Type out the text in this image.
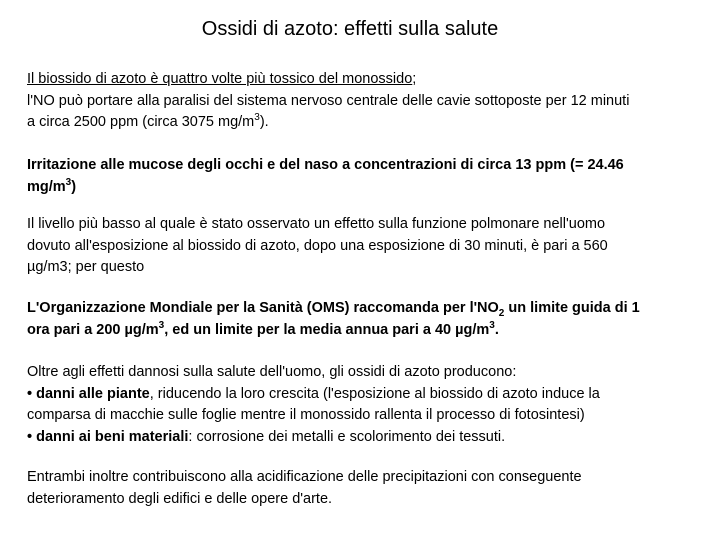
Ossidi di azoto: effetti sulla salute
Il biossido di azoto è quattro volte più tossico del monossido;
l'NO può portare alla paralisi del sistema nervoso centrale delle cavie sottoposte per 12 minuti
a circa 2500 ppm (circa 3075 $mg/m^3$).
Irritazione alle mucose degli occhi e del naso a concentrazioni di circa 13 ppm (= 24.46
$mg/m^3$)
Il livello più basso al quale è stato osservato un effetto sulla funzione polmonare nell'uomo
dovuto all'esposizione al biossido di azoto, dopo una esposizione di 30 minuti, è pari a 560
µg/m3; per questo
L'Organizzazione Mondiale per la Sanità (OMS) raccomanda per $l'NO_2$ un limite guida di 1
ora pari a 200 $\mu g/m^3$, ed un limite per la media annua pari a 40 $\mu g/m^3$.
Oltre agli effetti dannosi sulla salute dell'uomo, gli ossidi di azoto producono:
• danni alle piante, riducendo la loro crescita (l'esposizione al biossido di azoto induce la
comparsa di macchie sulle foglie mentre il monossido rallenta il processo di fotosintesi)
• danni ai beni materiali: corrosione dei metalli e scolorimento dei tessuti.
Entrambi inoltre contribuiscono alla acidificazione delle precipitazioni con conseguente
deterioramento degli edifici e delle opere d'arte.
